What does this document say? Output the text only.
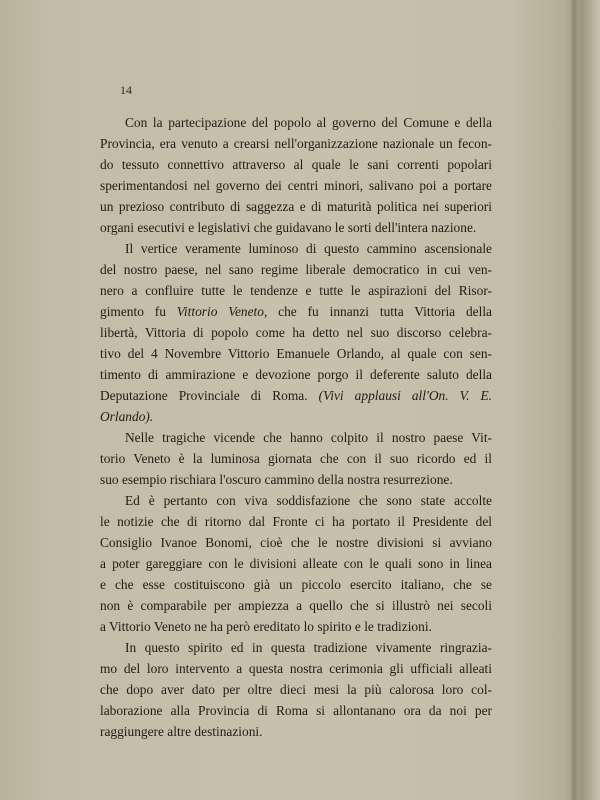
14
Con la partecipazione del popolo al governo del Comune e della
Provincia, era venuto a crearsi nell'organizzazione nazionale un fecon-
do tessuto connettivo attraverso al quale le sani correnti popolari
sperimentandosi nel governo dei centri minori, salivano poi a portare
un prezioso contributo di saggezza e di maturità politica nei superiori
organi esecutivi e legislativi che guidavano le sorti dell'intera nazione.
Il vertice veramente luminoso di questo cammino ascensionale
del nostro paese, nel sano regime liberale democratico in cui ven-
nero a confluire tutte le tendenze e tutte le aspirazioni del Risor-
gimento fu Vittorio Veneto, che fu innanzi tutta Vittoria della
libertà, Vittoria di popolo come ha detto nel suo discorso celebra-
tivo del 4 Novembre Vittorio Emanuele Orlando, al quale con sen-
timento di ammirazione e devozione porgo il deferente saluto della
Deputazione Provinciale di Roma. (Vivi applausi all'On. V. E.
Orlando).
Nelle tragiche vicende che hanno colpito il nostro paese Vit-
torio Veneto è la luminosa giornata che con il suo ricordo ed il
suo esempio rischiara l'oscuro cammino della nostra resurrezione.
Ed è pertanto con viva soddisfazione che sono state accolte
le notizie che di ritorno dal Fronte ci ha portato il Presidente del
Consiglio Ivanoe Bonomi, cioè che le nostre divisioni si avviano
a poter gareggiare con le divisioni alleate con le quali sono in linea
e che esse costituiscono già un piccolo esercito italiano, che se
non è comparabile per ampiezza a quello che si illustrò nei secoli
a Vittorio Veneto ne ha però ereditato lo spirito e le tradizioni.
In questo spirito ed in questa tradizione vivamente ringrazia-
mo del loro intervento a questa nostra cerimonia gli ufficiali alleati
che dopo aver dato per oltre dieci mesi la più calorosa loro col-
laborazione alla Provincia di Roma si allontanano ora da noi per
raggiungere altre destinazioni.
